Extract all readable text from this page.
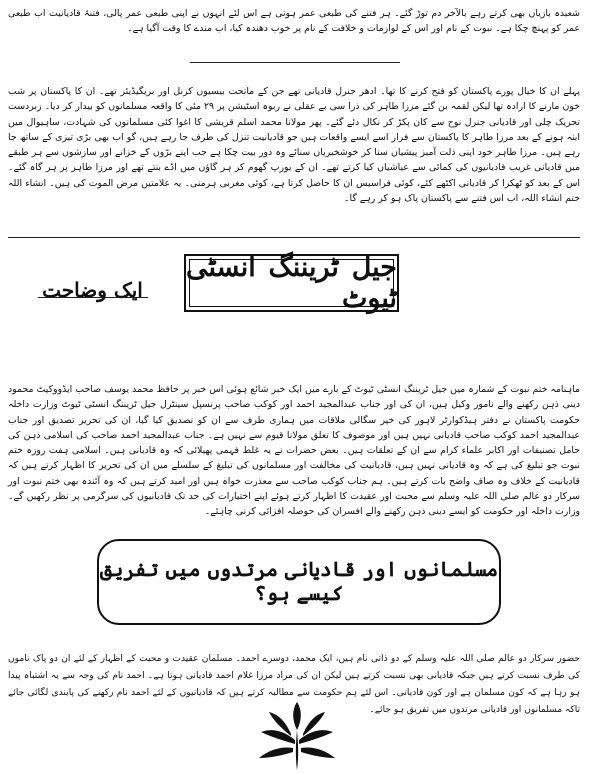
شعبدہ بازیاں بھی کرتے رہے بالآخر دم توڑ گئے۔ ہر فتنے کی طبعی عمر ہوتی ہے اس لئے انہوں نے اپنی طبعی عمر پالی، فتنۂ قادیانیت اب طبعی عمر کو پہنچ چکا ہے۔ نبوت کے نام اور اس کے لوازمات و خلافت کے نام پر خوب دھندہ کیا، اب مندے کا وقت آگیا ہے۔
پہلے ان کا خیال پورے پاکستان کو فتح کرنے کا تھا۔ ادھر جنرل قادیانی تھے جن کے ماتحت بیسیوں کرنل اور بریگیڈیئر تھے۔ ان کا پاکستان پر شب خون مارنے کا ارادہ تھا لیکن لقمہ بن گئے مرزا طاہر کی ذرا سی بے عقلی نے ربوہ اسٹیشن پر ۲۹ مئی کا واقعہ مسلمانوں کو بیدار کر دیا۔ زبردست تحریک چلی اور قادیانی جنرل نوح سے کان پکڑ کر نکال دئے گئے۔ پھر مولانا محمد اسلم قریشی کا اغوا کئی مسلمانوں کی شہادت، ساہیوال میں ابنہ ہونے کے بعد مرزا طاہر کا پاکستان سے فرار اسے ایسے واقعات ہیں جو قادیانیت تنزل کی طرف جا رہے ہیں، گو اب بھی بڑی تیزی کے ساتھ جا رہے ہیں۔ مرزا طاہر خود اپنی ذلت آمیز پیشیاں سنا کر خوشخبریاں سنائے وہ دور بیت چکا ہے جب اپنے بڑوں کے خزانے اور سازشوں سے ہر طبقے میں قادیانی غریب قادیانیوں کی کمائی سے عیاشیاں کیا کرتے تھے۔ ان کے یورپ گھوم کر ہر گاؤں میں اڈے بنتے تھے اور مرزا طاہر پر ہر گاہ گئے۔ اس کے بعد کو ٹھکرا کر قادیانی اکٹھے کئے، کوئی فراسیس ان کا حاصل کرتا ہے، کوئی مغربی ہرمنی۔ یہ علامتیں مرض الموت کی ہیں۔ انشاء اللہ ختم انشاء اللہ، اب اس فتنے سے پاکستان پاک ہو کر رہے گا۔
جیل ٹریننگ انسٹی ٹیوٹ
ایک وضاحت
ماہنامہ ختم نبوت کے شمارہ میں جیل ٹریننگ انسٹی ٹیوٹ کے بارے میں ایک خبر شائع ہوئی اس خبر پر حافظ محمد یوسف صاحب ایڈووکیٹ محمود دینی ذہن رکھنے والے نامور وکیل ہیں، ان کی اور جناب عبدالمجید احمد اور کوکب صاحب پرنسپل سینٹرل جیل ٹریننگ انسٹی ٹیوٹ وزارت داخلہ حکومت پاکستان نے دفتر ہیڈکوارٹر لاہور کی خیر سگالی ملاقات میں ہماری طرف سے ان کو تصدیق کیا گیا، ان کی تحریر تصدیق اور جناب عبدالمجید احمد کوکب صاحب قادیانی نہیں ہیں اور موصوف کا تعلق مولانا قیوم سے نہیں ہے۔ جناب عبدالمجید احمد صاحب کی اسلامی ذہن کی حامل تصنیفات اور اکابر علماء کرام سے ان کے تعلقات ہیں۔ بعض حضرات نے یہ غلط فہمی پھیلائی کہ وہ قادیانی ہیں۔ اسلامی ہفت روزہ ختم نبوت جو تبلیغ کی ہے کہ وہ قادیانی نہیں ہیں، قادیانیت کی مخالفت اور مسلمانوں کی تبلیغ کے سلسلے میں ان کی تحریر کا اظہار کرتے ہیں کہ قادیانیت کے خلاف وہ صاف واضح بات کرتے ہیں۔ ہم جناب کوکب صاحب سے معذرت خواہ ہیں اور امید کرتے ہیں کہ وہ آئندہ بھی ختم نبوت اور سرکار دو عالم صلی اللہ علیہ وسلم سے محبت اور عقیدت کا اظہار کرتے ہوئے اپنے اختیارات کی حد تک قادیانیوں کی سرگرمی پر نظر رکھیں گے۔ وزارت داخلہ اور حکومت کو ایسے دینی ذہن رکھنے والے افسران کی حوصلہ افزائی کرنی چاہئے۔
مسلمانوں اور قادیانی مرتدوں میں تفریق کیسے ہو؟
حضور سرکار دو عالم صلی اللہ علیہ وسلم کے دو ذاتی نام ہیں، ایک محمد، دوسرے احمد۔ مسلمان عقیدت و محبت کے اظہار کے لئے ان دو پاک ناموں کی طرف نسبت کرتے ہیں جبکہ قادیانی بھی نسبت کرتے ہیں لیکن ان کی مراد مرزا غلام احمد قادیانی ہوتا ہے۔ احمد نام کی وجہ سے یہ اشتباہ پیدا ہو رہا ہے کہ کون مسلمان ہے اور کون قادیانی۔ اس لئے ہم حکومت سے مطالبہ کرتے ہیں کہ قادیانیوں کے لئے احمد نام رکھنے کی پابندی لگائی جائے تاکہ مسلمانوں اور قادیانی مرتدوں میں تفریق ہو جائے۔
